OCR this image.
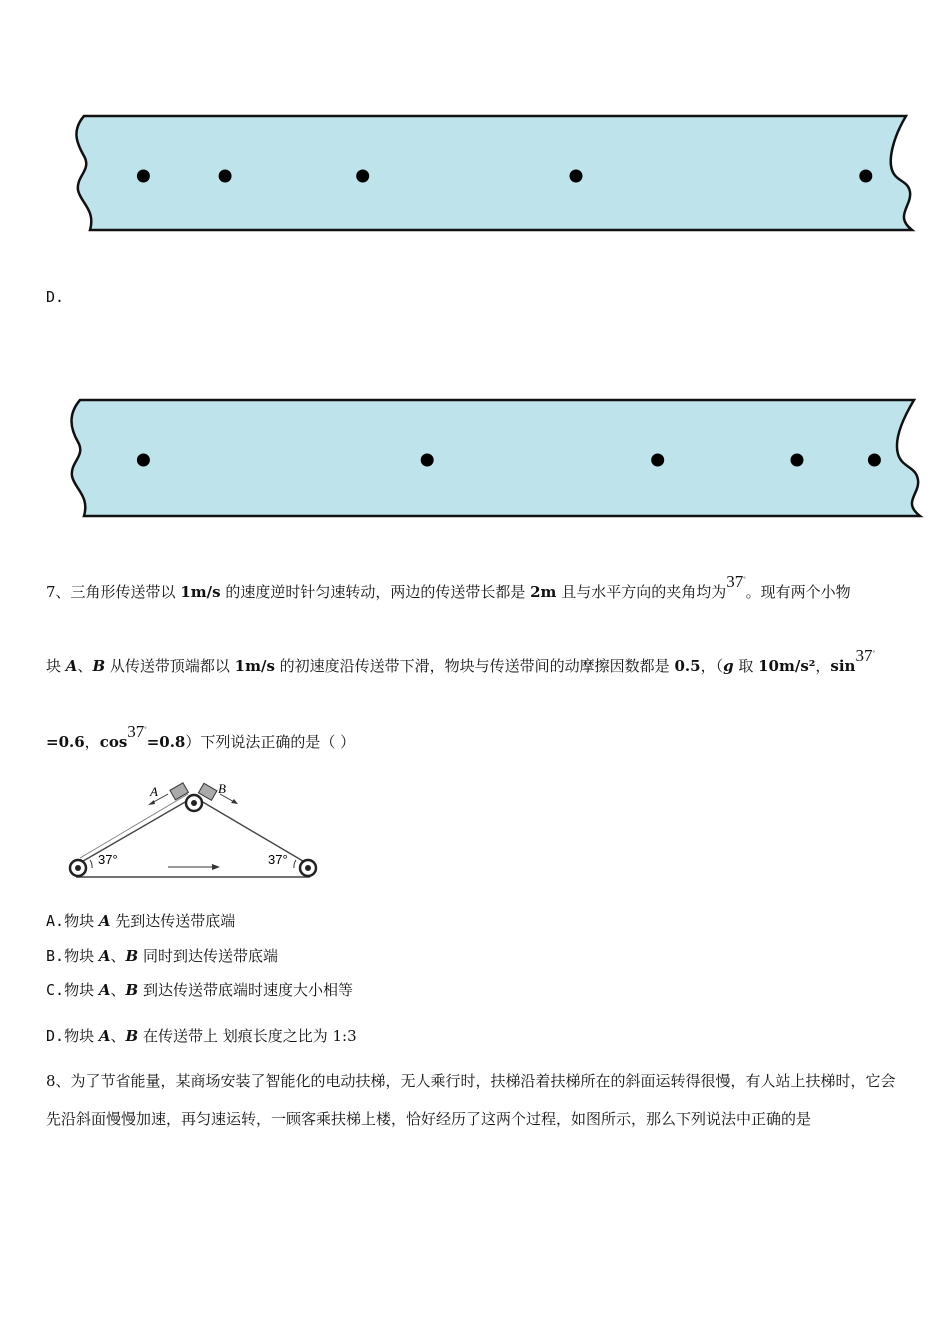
D.
7、三角形传送带以 1m/s 的速度逆时针匀速转动，两边的传送带长都是 2m 且与水平方向的夹角均为37°。现有两个小物
块 A、B 从传送带顶端都以 1m/s 的初速度沿传送带下滑，物块与传送带间的动摩擦因数都是 0.5，（g 取 10m/s²，sin37°
=0.6，cos37°=0.8）下列说法正确的是（ ）
A	B
37°	37°
A.物块 A 先到达传送带底端
B.物块 A、B 同时到达传送带底端
C.物块 A、B 到达传送带底端时速度大小相等
D.物块 A、B 在传送带上 划痕长度之比为 1:3
8、为了节省能量，某商场安装了智能化的电动扶梯，无人乘行时，扶梯沿着扶梯所在的斜面运转得很慢，有人站上扶梯时，它会先沿斜面慢慢加速，再匀速运转，一顾客乘扶梯上楼，恰好经历了这两个过程，如图所示，那么下列说法中正确的是
